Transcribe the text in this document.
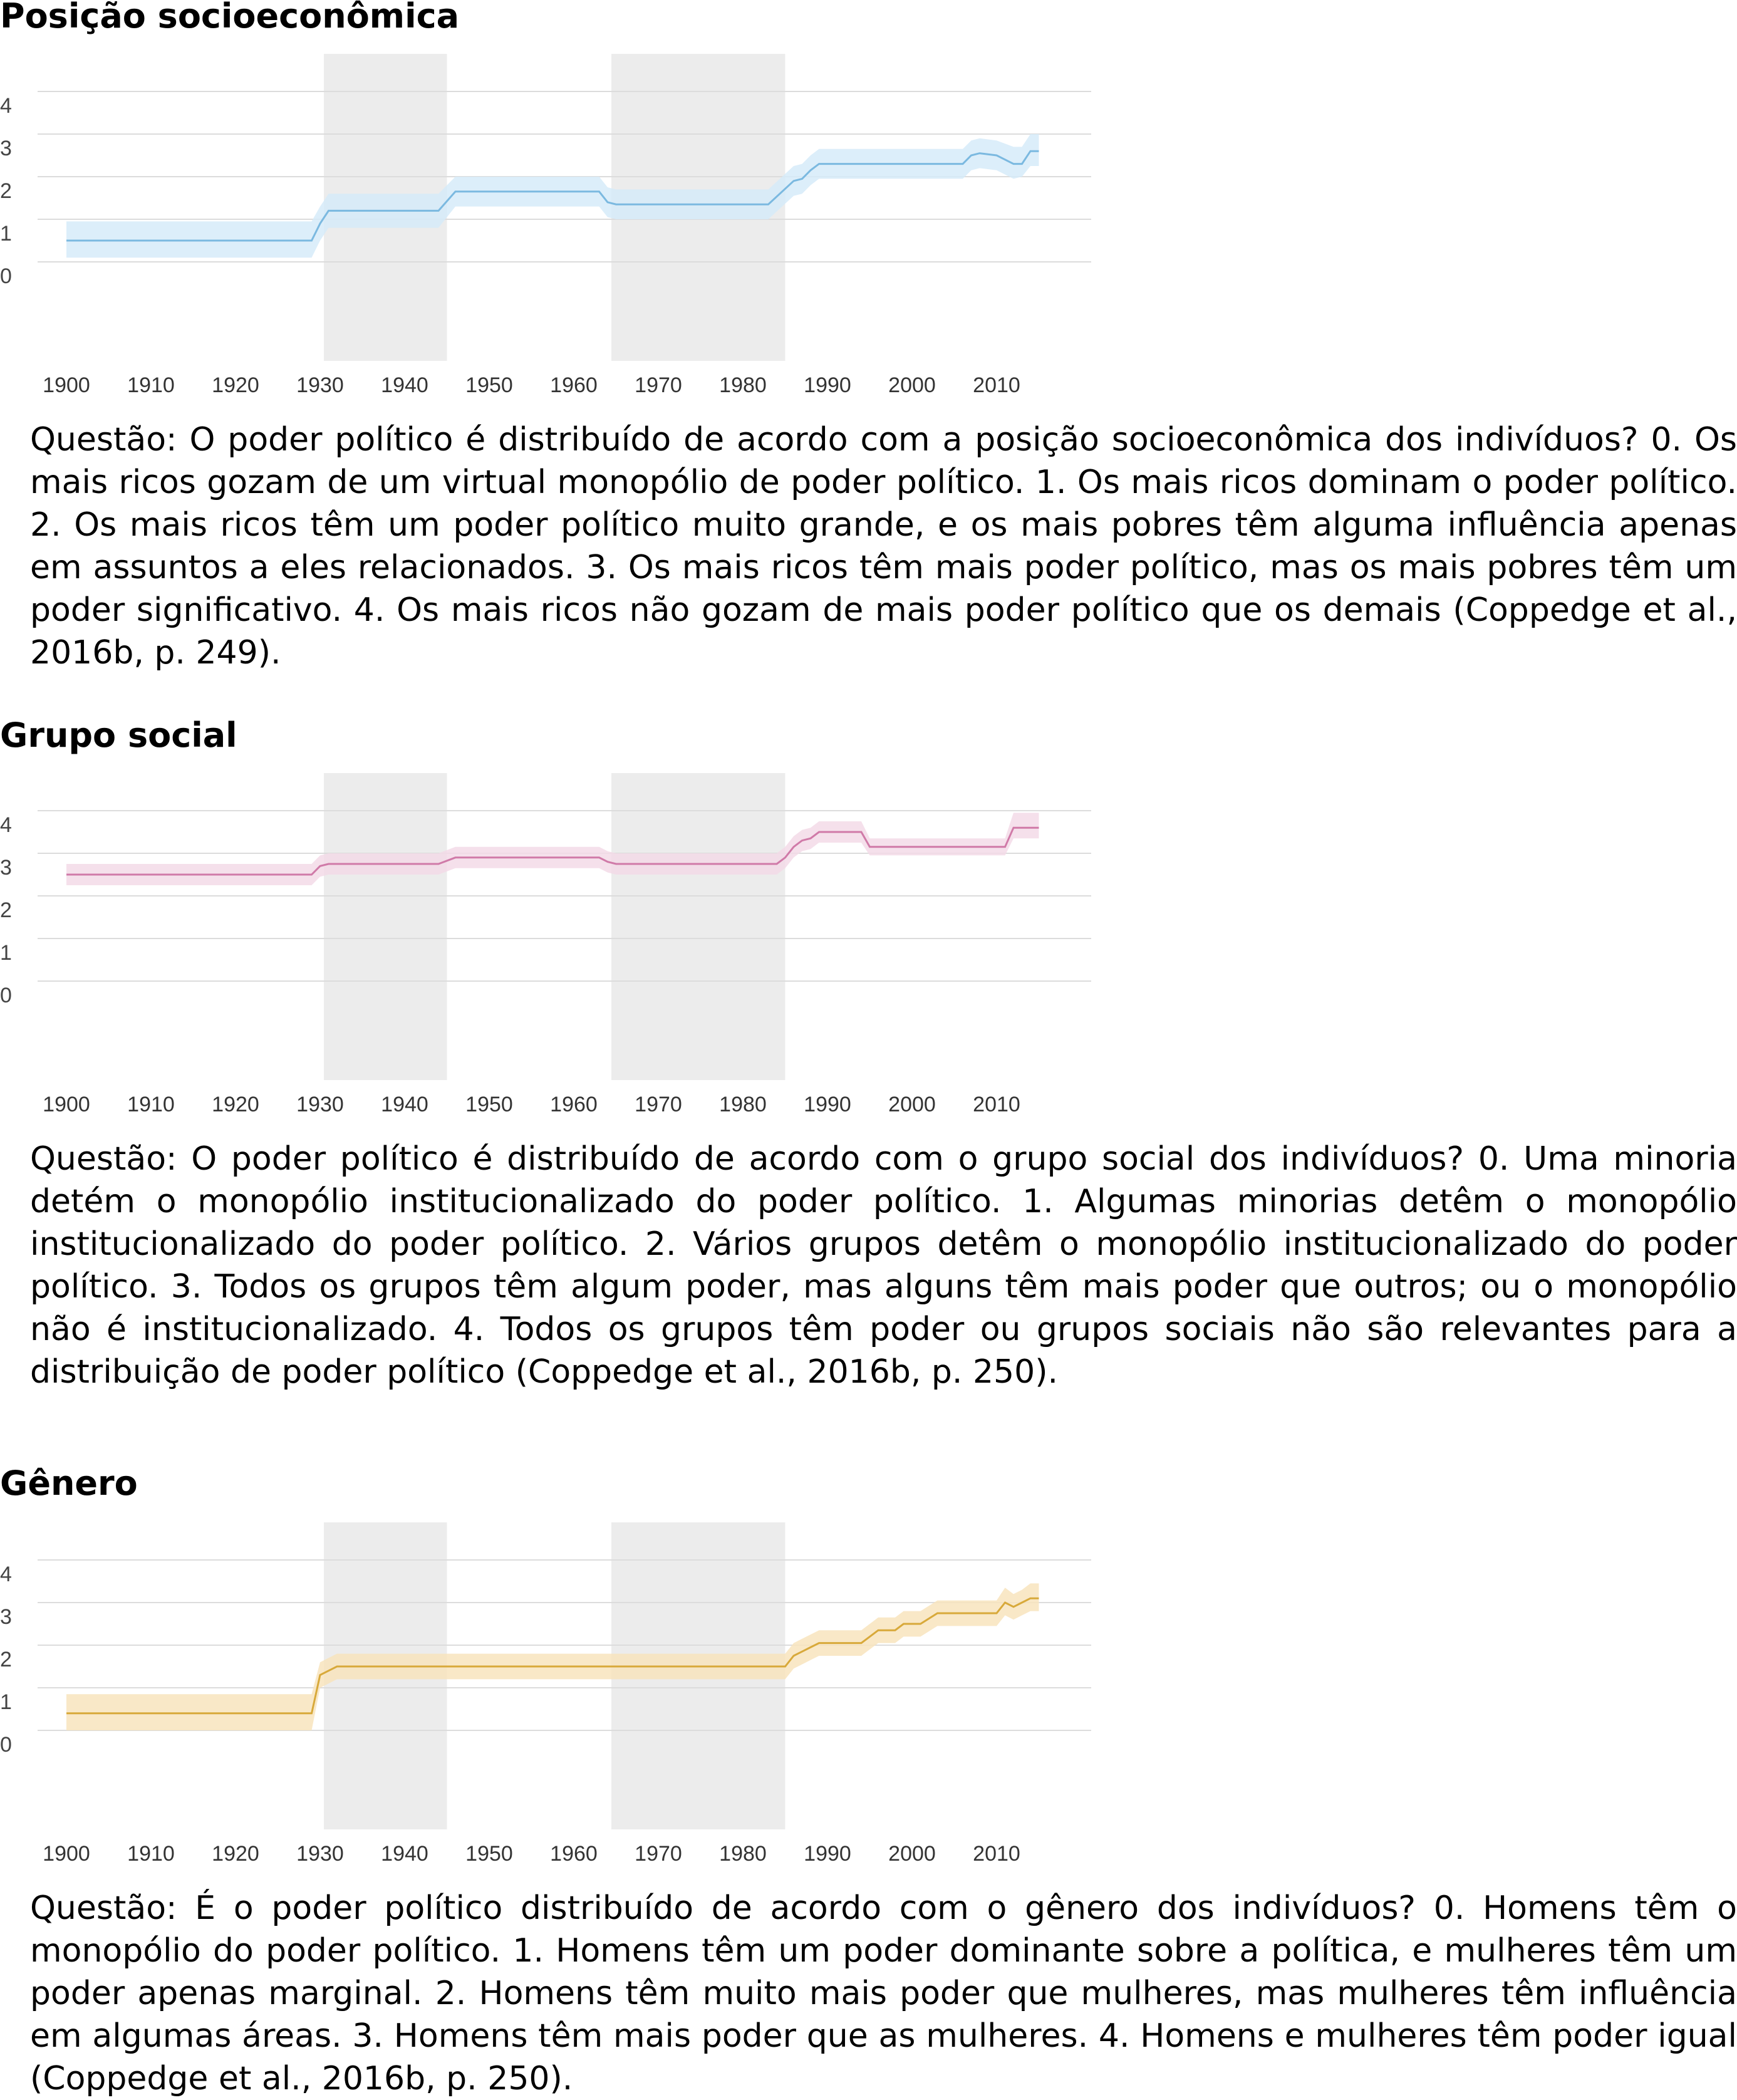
Posição socioeconômica
0
1
2
3
4
1900 1910 1920 1930 1940 1950 1960 1970 1980 1990 2000 2010

Questão: O poder político é distribuído de acordo com a posição socioeconômica dos indivíduos? 0. Os mais ricos gozam de um virtual monopólio de poder político. 1. Os mais ricos dominam o poder político. 2. Os mais ricos têm um poder político muito grande, e os mais pobres têm alguma influência apenas em assuntos a eles relacionados. 3. Os mais ricos têm mais poder político, mas os mais pobres têm um poder significativo. 4. Os mais ricos não gozam de mais poder político que os demais (Coppedge et al., 2016b, p. 249).

Grupo social
0
1
2
3
4
1900 1910 1920 1930 1940 1950 1960 1970 1980 1990 2000 2010

Questão: O poder político é distribuído de acordo com o grupo social dos indivíduos? 0. Uma minoria detém o monopólio institucionalizado do poder político. 1. Algumas minorias detêm o monopólio institucionalizado do poder político. 2. Vários grupos detêm o monopólio institucionalizado do poder político. 3. Todos os grupos têm algum poder, mas alguns têm mais poder que outros; ou o monopólio não é institucionalizado. 4. Todos os grupos têm poder ou grupos sociais não são relevantes para a distribuição de poder político (Coppedge et al., 2016b, p. 250).

Gênero
0
1
2
3
4
1900 1910 1920 1930 1940 1950 1960 1970 1980 1990 2000 2010

Questão: É o poder político distribuído de acordo com o gênero dos indivíduos? 0. Homens têm o monopólio do poder político. 1. Homens têm um poder dominante sobre a política, e mulheres têm um poder apenas marginal. 2. Homens têm muito mais poder que mulheres, mas mulheres têm influência em algumas áreas. 3. Homens têm mais poder que as mulheres. 4. Homens e mulheres têm poder igual (Coppedge et al., 2016b, p. 250).
